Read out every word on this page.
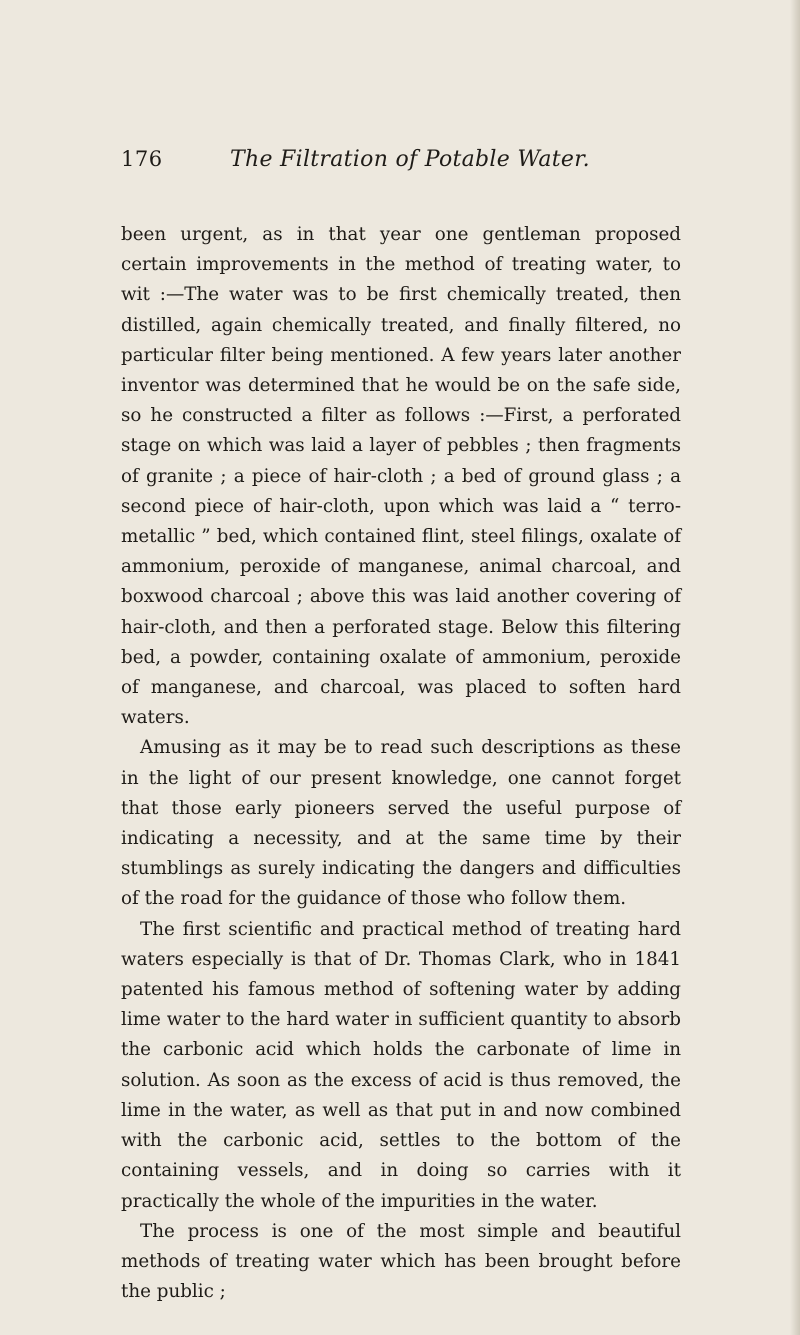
176	The Filtration of Potable Water.

been urgent, as in that year one gentleman proposed certain improvements in the method of treating water, to wit :—The water was to be first chemically treated, then distilled, again chemically treated, and finally filtered, no particular filter being mentioned. A few years later another inventor was determined that he would be on the safe side, so he constructed a filter as follows :—First, a perforated stage on which was laid a layer of pebbles ; then fragments of granite ; a piece of hair-cloth ; a bed of ground glass ; a second piece of hair-cloth, upon which was laid a “ terro-metallic ” bed, which contained flint, steel filings, oxalate of ammonium, peroxide of manganese, animal charcoal, and boxwood charcoal ; above this was laid another covering of hair-cloth, and then a perforated stage. Below this filtering bed, a powder, containing oxalate of ammonium, peroxide of manganese, and charcoal, was placed to soften hard waters.

Amusing as it may be to read such descriptions as these in the light of our present knowledge, one cannot forget that those early pioneers served the useful purpose of indicating a necessity, and at the same time by their stumblings as surely indicating the dangers and difficulties of the road for the guidance of those who follow them.

The first scientific and practical method of treating hard waters especially is that of Dr. Thomas Clark, who in 1841 patented his famous method of softening water by adding lime water to the hard water in sufficient quantity to absorb the carbonic acid which holds the carbonate of lime in solution. As soon as the excess of acid is thus removed, the lime in the water, as well as that put in and now combined with the carbonic acid, settles to the bottom of the containing vessels, and in doing so carries with it practically the whole of the impurities in the water.

The process is one of the most simple and beautiful methods of treating water which has been brought before the public ;
